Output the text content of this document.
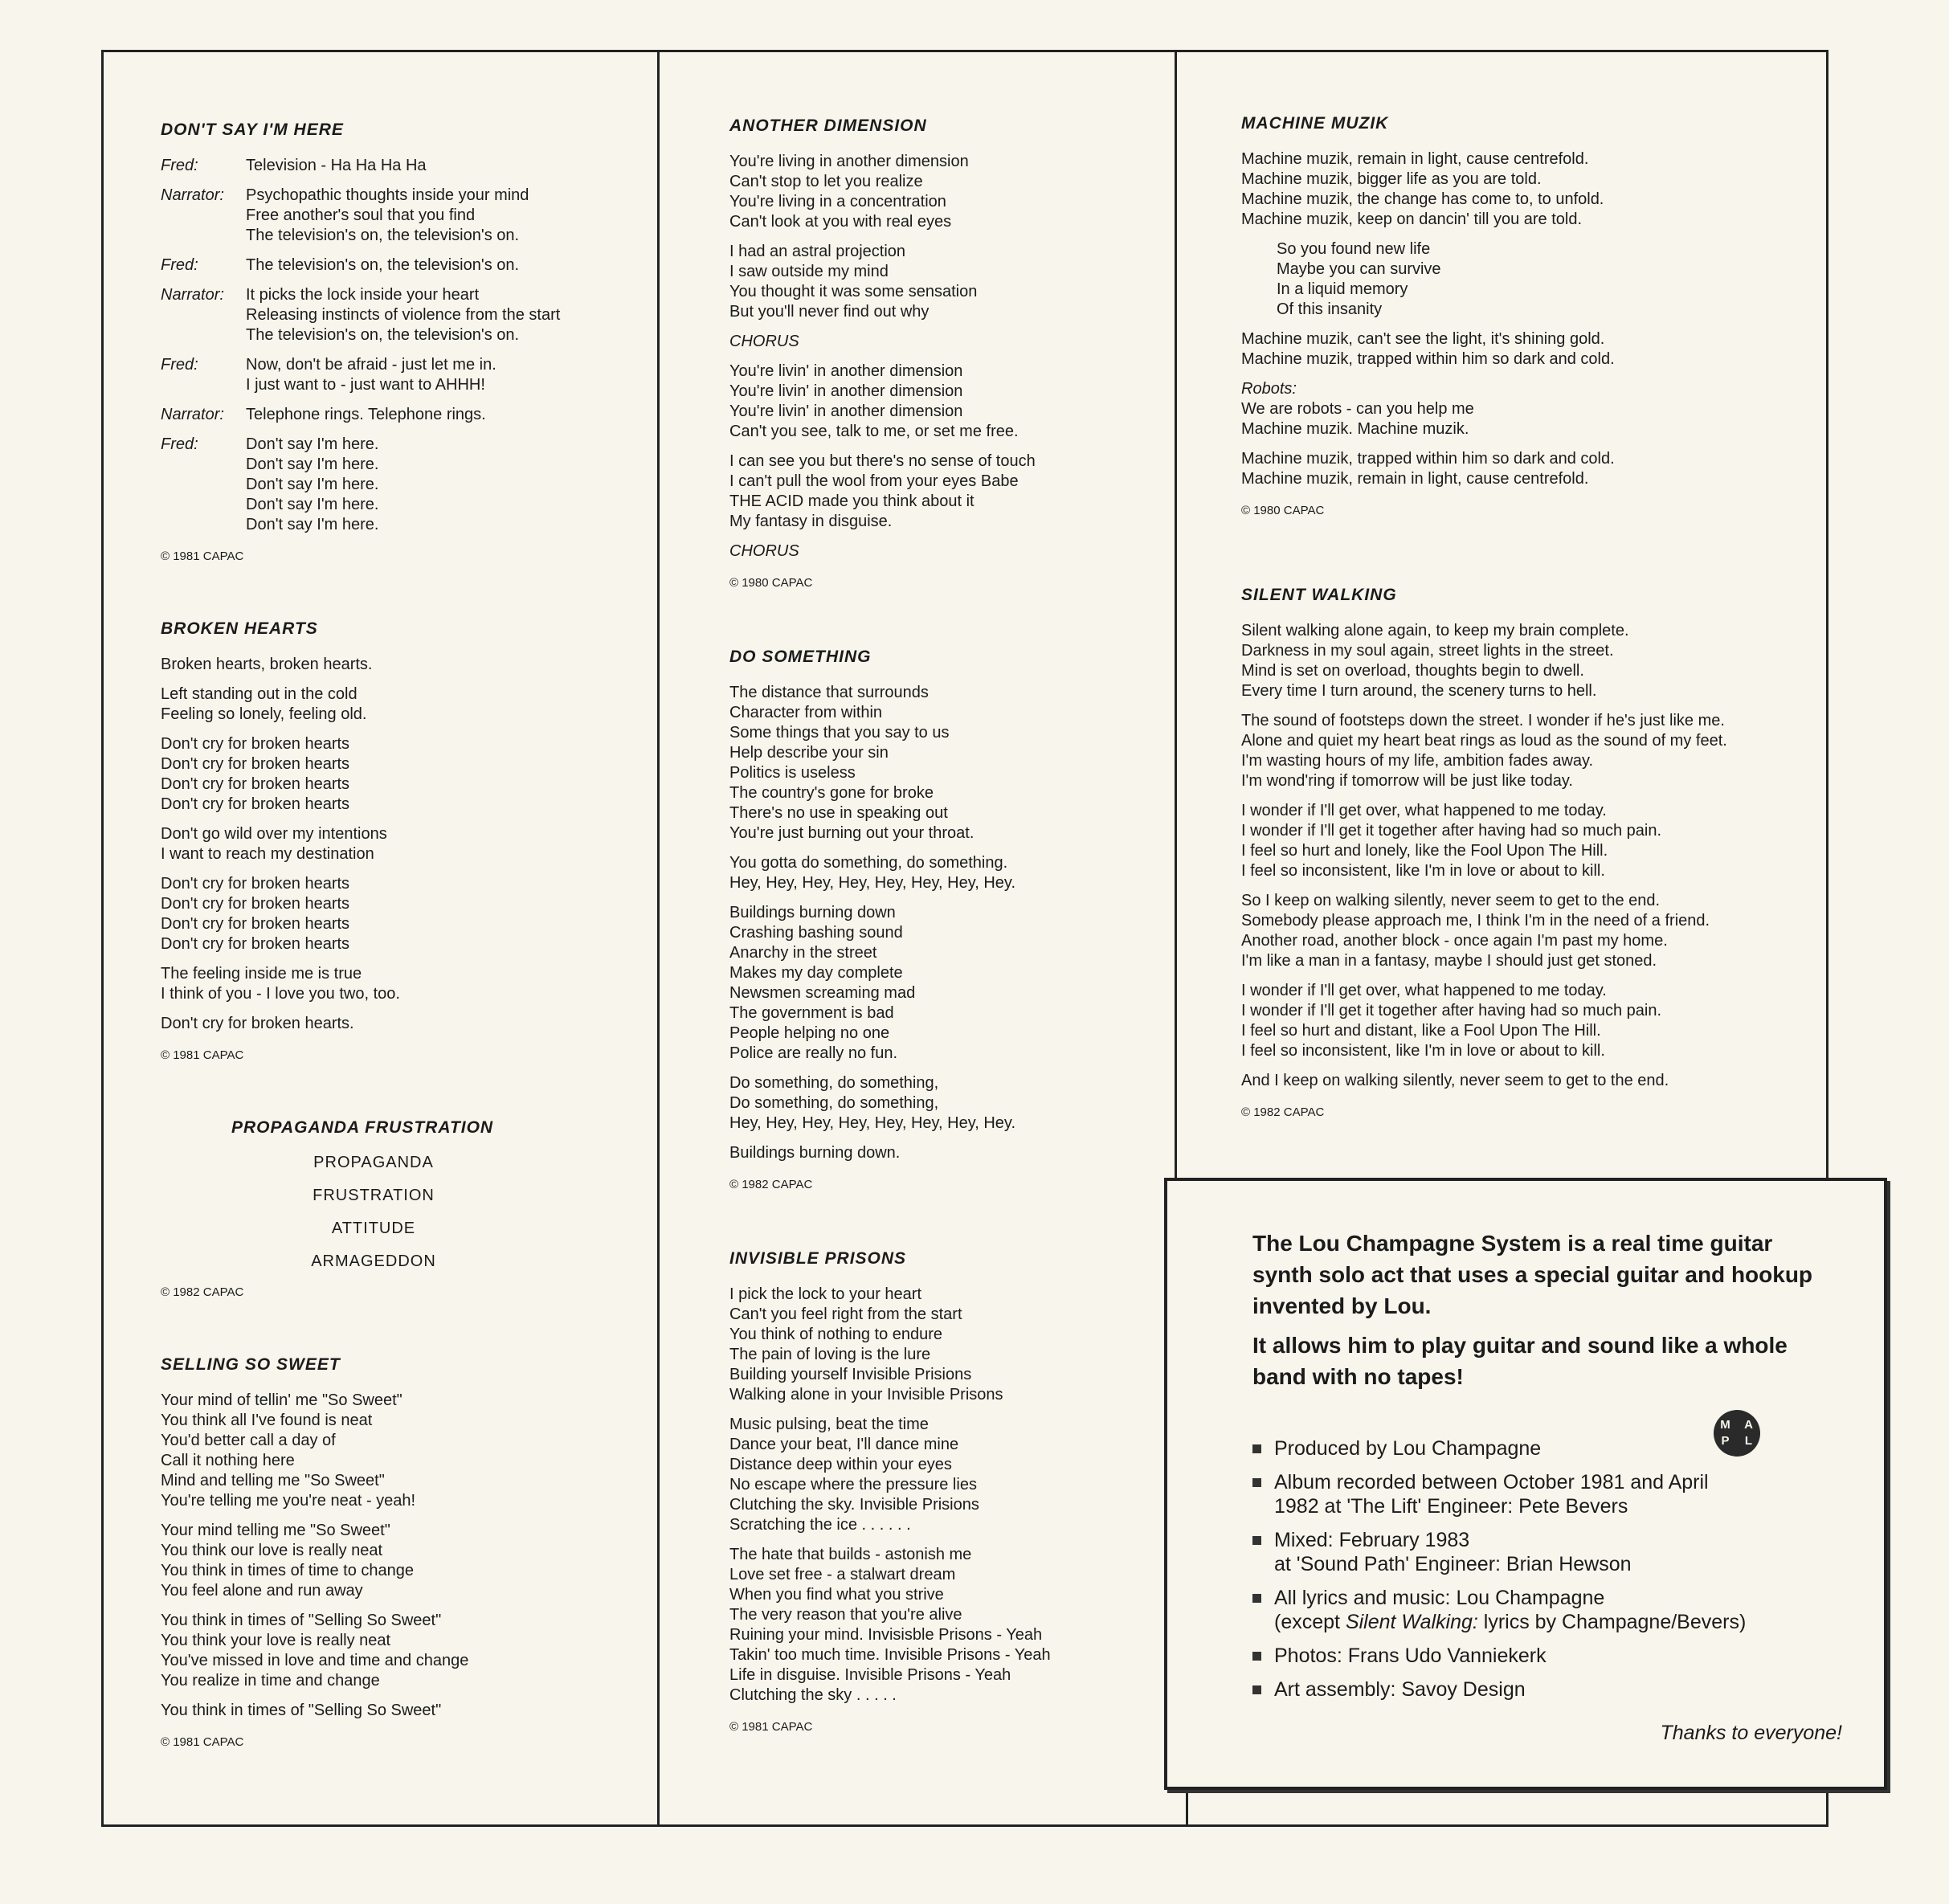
DON'T SAY I'M HERE
Fred:	Television - Ha Ha Ha Ha
Narrator:	Psychopathic thoughts inside your mind
Free another's soul that you find
The television's on, the television's on.
Fred:	The television's on, the television's on.
Narrator:	It picks the lock inside your heart
Releasing instincts of violence from the start
The television's on, the television's on.
Fred:	Now, don't be afraid - just let me in.
I just want to - just want to AHHH!
Narrator:	Telephone rings. Telephone rings.
Fred:	Don't say I'm here.
Don't say I'm here.
Don't say I'm here.
Don't say I'm here.
Don't say I'm here.
© 1981 CAPAC
BROKEN HEARTS
Broken hearts, broken hearts.
Left standing out in the cold
Feeling so lonely, feeling old.
Don't cry for broken hearts
Don't cry for broken hearts
Don't cry for broken hearts
Don't cry for broken hearts
Don't go wild over my intentions
I want to reach my destination
Don't cry for broken hearts
Don't cry for broken hearts
Don't cry for broken hearts
Don't cry for broken hearts
The feeling inside me is true
I think of you - I love you two, too.
Don't cry for broken hearts.
© 1981 CAPAC
PROPAGANDA FRUSTRATION
PROPAGANDA
FRUSTRATION
ATTITUDE
ARMAGEDDON
© 1982 CAPAC
SELLING SO SWEET
Your mind of tellin' me "So Sweet"
You think all I've found is neat
You'd better call a day of
Call it nothing here
Mind and telling me "So Sweet"
You're telling me you're neat - yeah!
Your mind telling me "So Sweet"
You think our love is really neat
You think in times of time to change
You feel alone and run away
You think in times of "Selling So Sweet"
You think your love is really neat
You've missed in love and time and change
You realize in time and change
You think in times of "Selling So Sweet"
© 1981 CAPAC
ANOTHER DIMENSION
You're living in another dimension
Can't stop to let you realize
You're living in a concentration
Can't look at you with real eyes
I had an astral projection
I saw outside my mind
You thought it was some sensation
But you'll never find out why
CHORUS
You're livin' in another dimension
You're livin' in another dimension
You're livin' in another dimension
Can't you see, talk to me, or set me free.
I can see you but there's no sense of touch
I can't pull the wool from your eyes Babe
THE ACID made you think about it
My fantasy in disguise.
CHORUS
© 1980 CAPAC
DO SOMETHING
The distance that surrounds
Character from within
Some things that you say to us
Help describe your sin
Politics is useless
The country's gone for broke
There's no use in speaking out
You're just burning out your throat.
You gotta do something, do something.
Hey, Hey, Hey, Hey, Hey, Hey, Hey, Hey.
Buildings burning down
Crashing bashing sound
Anarchy in the street
Makes my day complete
Newsmen screaming mad
The government is bad
People helping no one
Police are really no fun.
Do something, do something,
Do something, do something,
Hey, Hey, Hey, Hey, Hey, Hey, Hey, Hey.
Buildings burning down.
© 1982 CAPAC
INVISIBLE PRISONS
I pick the lock to your heart
Can't you feel right from the start
You think of nothing to endure
The pain of loving is the lure
Building yourself Invisible Prisions
Walking alone in your Invisible Prisons
Music pulsing, beat the time
Dance your beat, I'll dance mine
Distance deep within your eyes
No escape where the pressure lies
Clutching the sky. Invisible Prisions
Scratching the ice . . . . . .
The hate that builds - astonish me
Love set free - a stalwart dream
When you find what you strive
The very reason that you're alive
Ruining your mind. Invisisble Prisons - Yeah
Takin' too much time. Invisible Prisons - Yeah
Life in disguise. Invisible Prisons - Yeah
Clutching the sky . . . . .
© 1981 CAPAC
MACHINE MUZIK
Machine muzik, remain in light, cause centrefold.
Machine muzik, bigger life as you are told.
Machine muzik, the change has come to, to unfold.
Machine muzik, keep on dancin' till you are told.
So you found new life
Maybe you can survive
In a liquid memory
Of this insanity
Machine muzik, can't see the light, it's shining gold.
Machine muzik, trapped within him so dark and cold.
Robots:
We are robots - can you help me
Machine muzik. Machine muzik.
Machine muzik, trapped within him so dark and cold.
Machine muzik, remain in light, cause centrefold.
© 1980 CAPAC
SILENT WALKING
Silent walking alone again, to keep my brain complete.
Darkness in my soul again, street lights in the street.
Mind is set on overload, thoughts begin to dwell.
Every time I turn around, the scenery turns to hell.
The sound of footsteps down the street. I wonder if he's just like me.
Alone and quiet my heart beat rings as loud as the sound of my feet.
I'm wasting hours of my life, ambition fades away.
I'm wond'ring if tomorrow will be just like today.
I wonder if I'll get over, what happened to me today.
I wonder if I'll get it together after having had so much pain.
I feel so hurt and lonely, like the Fool Upon The Hill.
I feel so inconsistent, like I'm in love or about to kill.
So I keep on walking silently, never seem to get to the end.
Somebody please approach me, I think I'm in the need of a friend.
Another road, another block - once again I'm past my home.
I'm like a man in a fantasy, maybe I should just get stoned.
I wonder if I'll get over, what happened to me today.
I wonder if I'll get it together after having had so much pain.
I feel so hurt and distant, like a Fool Upon The Hill.
I feel so inconsistent, like I'm in love or about to kill.
And I keep on walking silently, never seem to get to the end.
© 1982 CAPAC
The Lou Champagne System is a real time guitar synth solo act that uses a special guitar and hookup invented by Lou.
It allows him to play guitar and sound like a whole band with no tapes!
M	A
P	L
Produced by Lou Champagne
Album recorded between October 1981 and April
1982 at 'The Lift' Engineer: Pete Bevers
Mixed: February 1983
at 'Sound Path' Engineer: Brian Hewson
All lyrics and music: Lou Champagne
(except Silent Walking: lyrics by Champagne/Bevers)
Photos: Frans Udo Vanniekerk
Art assembly: Savoy Design
Thanks to everyone!
